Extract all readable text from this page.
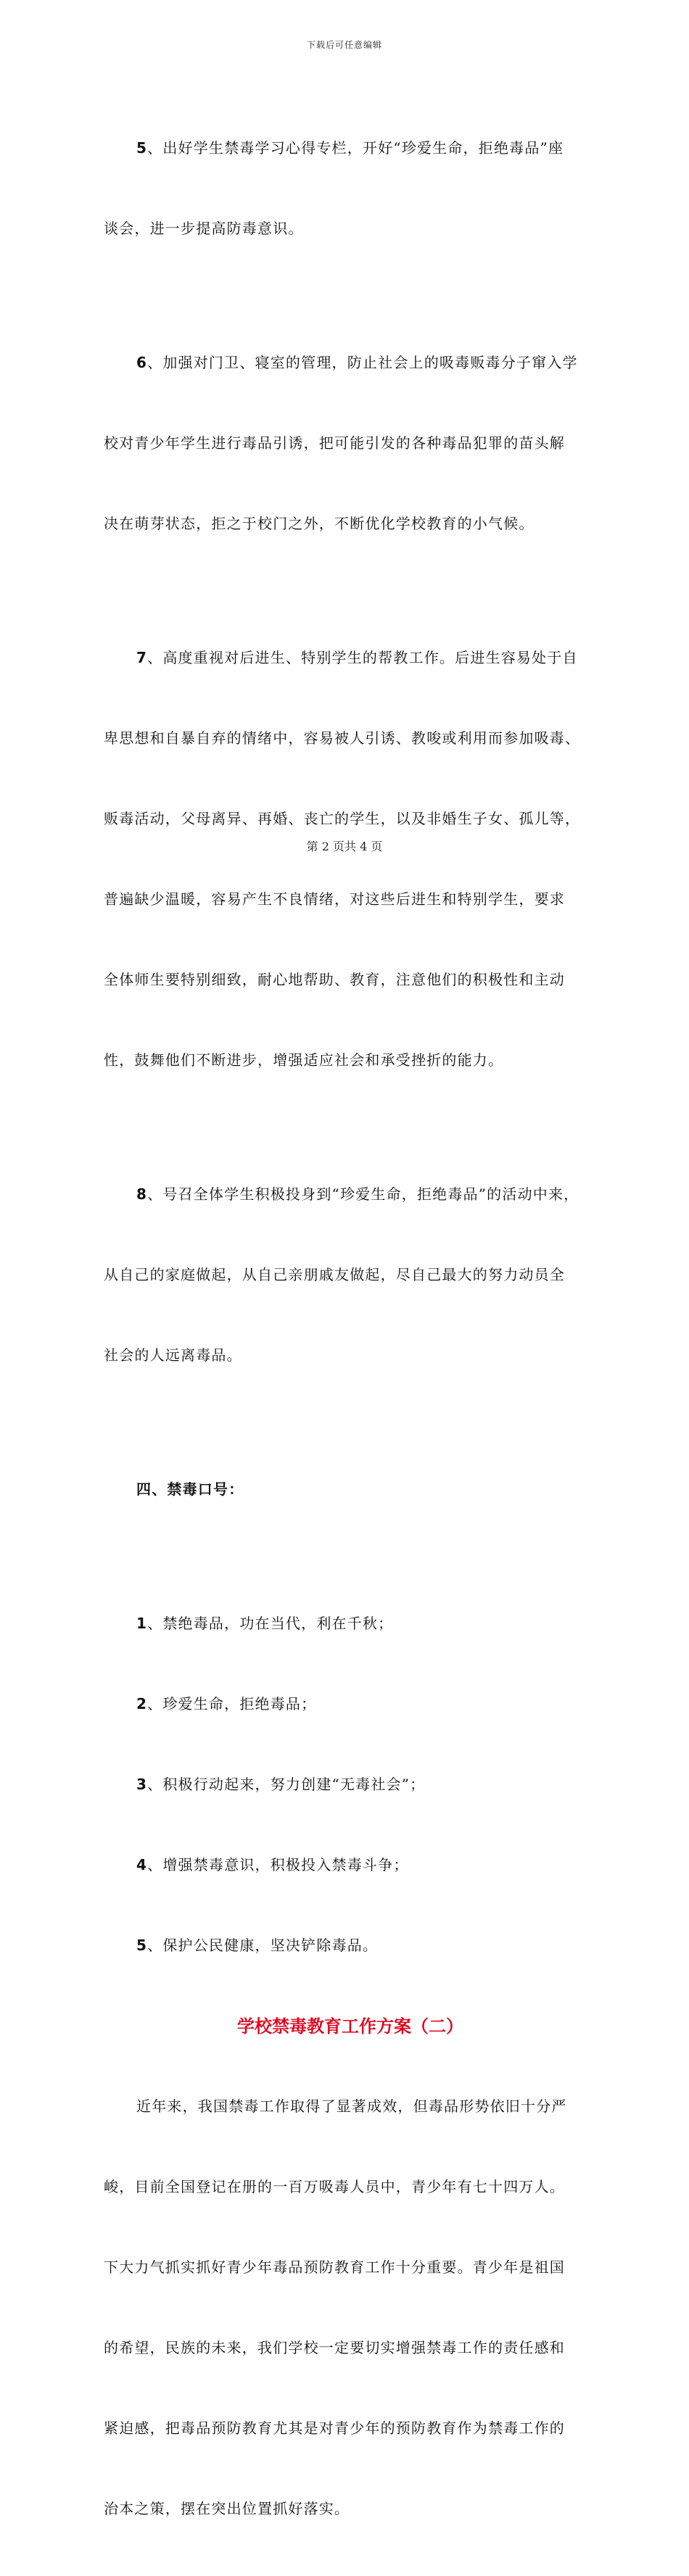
下载后可任意编辑

5、出好学生禁毒学习心得专栏，开好“珍爱生命，拒绝毒品”座

谈会，进一步提高防毒意识。

6、加强对门卫、寝室的管理，防止社会上的吸毒贩毒分子窜入学

校对青少年学生进行毒品引诱，把可能引发的各种毒品犯罪的苗头解

决在萌芽状态，拒之于校门之外，不断优化学校教育的小气候。

7、高度重视对后进生、特别学生的帮教工作。后进生容易处于自

卑思想和自暴自弃的情绪中，容易被人引诱、教唆或利用而参加吸毒、

贩毒活动，父母离异、再婚、丧亡的学生，以及非婚生子女、孤儿等，

普遍缺少温暖，容易产生不良情绪，对这些后进生和特别学生，要求

全体师生要特别细致，耐心地帮助、教育，注意他们的积极性和主动

性，鼓舞他们不断进步，增强适应社会和承受挫折的能力。

8、号召全体学生积极投身到“珍爱生命，拒绝毒品”的活动中来，

从自己的家庭做起，从自己亲朋戚友做起，尽自己最大的努力动员全

社会的人远离毒品。

四、禁毒口号：

1、禁绝毒品，功在当代，利在千秋；

2、珍爱生命，拒绝毒品；

3、积极行动起来，努力创建“无毒社会”；

4、增强禁毒意识，积极投入禁毒斗争；

5、保护公民健康，坚决铲除毒品。

学校禁毒教育工作方案（二）

近年来，我国禁毒工作取得了显著成效，但毒品形势依旧十分严

峻，目前全国登记在册的一百万吸毒人员中，青少年有七十四万人。

下大力气抓实抓好青少年毒品预防教育工作十分重要。青少年是祖国

的希望，民族的未来，我们学校一定要切实增强禁毒工作的责任感和

紧迫感，把毒品预防教育尤其是对青少年的预防教育作为禁毒工作的

治本之策，摆在突出位置抓好落实。

第 2 页共 4 页
